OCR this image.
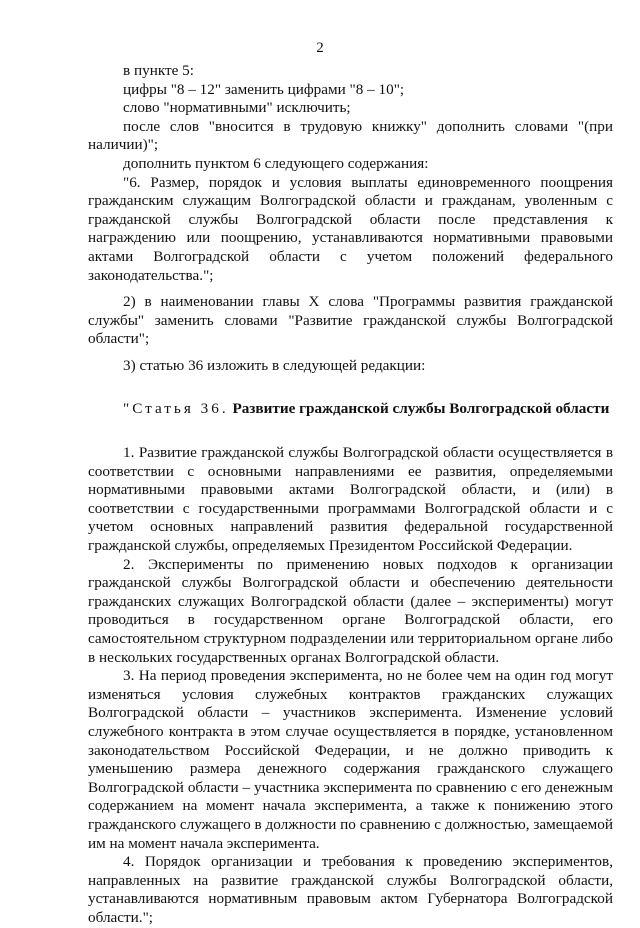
2

в пункте 5:

цифры "8 – 12" заменить цифрами "8 – 10";

слово "нормативными" исключить;

после слов "вносится в трудовую книжку" дополнить словами "(при наличии)";

дополнить пунктом 6 следующего содержания:

"6. Размер, порядок и условия выплаты единовременного поощрения гражданским служащим Волгоградской области и гражданам, уволенным с гражданской службы Волгоградской области после представления к награждению или поощрению, устанавливаются нормативными правовыми актами Волгоградской области с учетом положений федерального законодательства.";

2) в наименовании главы X слова "Программы развития гражданской службы" заменить словами "Развитие гражданской службы Волгоградской области";

3) статью 36 изложить в следующей редакции:

"Статья 36. Развитие гражданской службы Волгоградской области

1. Развитие гражданской службы Волгоградской области осуществляется в соответствии с основными направлениями ее развития, определяемыми нормативными правовыми актами Волгоградской области, и (или) в соответствии с государственными программами Волгоградской области и с учетом основных направлений развития федеральной государственной гражданской службы, определяемых Президентом Российской Федерации.

2. Эксперименты по применению новых подходов к организации гражданской службы Волгоградской области и обеспечению деятельности гражданских служащих Волгоградской области (далее – эксперименты) могут проводиться в государственном органе Волгоградской области, его самостоятельном структурном подразделении или территориальном органе либо в нескольких государственных органах Волгоградской области.

3. На период проведения эксперимента, но не более чем на один год могут изменяться условия служебных контрактов гражданских служащих Волгоградской области – участников эксперимента. Изменение условий служебного контракта в этом случае осуществляется в порядке, установленном законодательством Российской Федерации, и не должно приводить к уменьшению размера денежного содержания гражданского служащего Волгоградской области – участника эксперимента по сравнению с его денежным содержанием на момент начала эксперимента, а также к понижению этого гражданского служащего в должности по сравнению с должностью, замещаемой им на момент начала эксперимента.

4. Порядок организации и требования к проведению экспериментов, направленных на развитие гражданской службы Волгоградской области, устанавливаются нормативным правовым актом Губернатора Волгоградской области.";
